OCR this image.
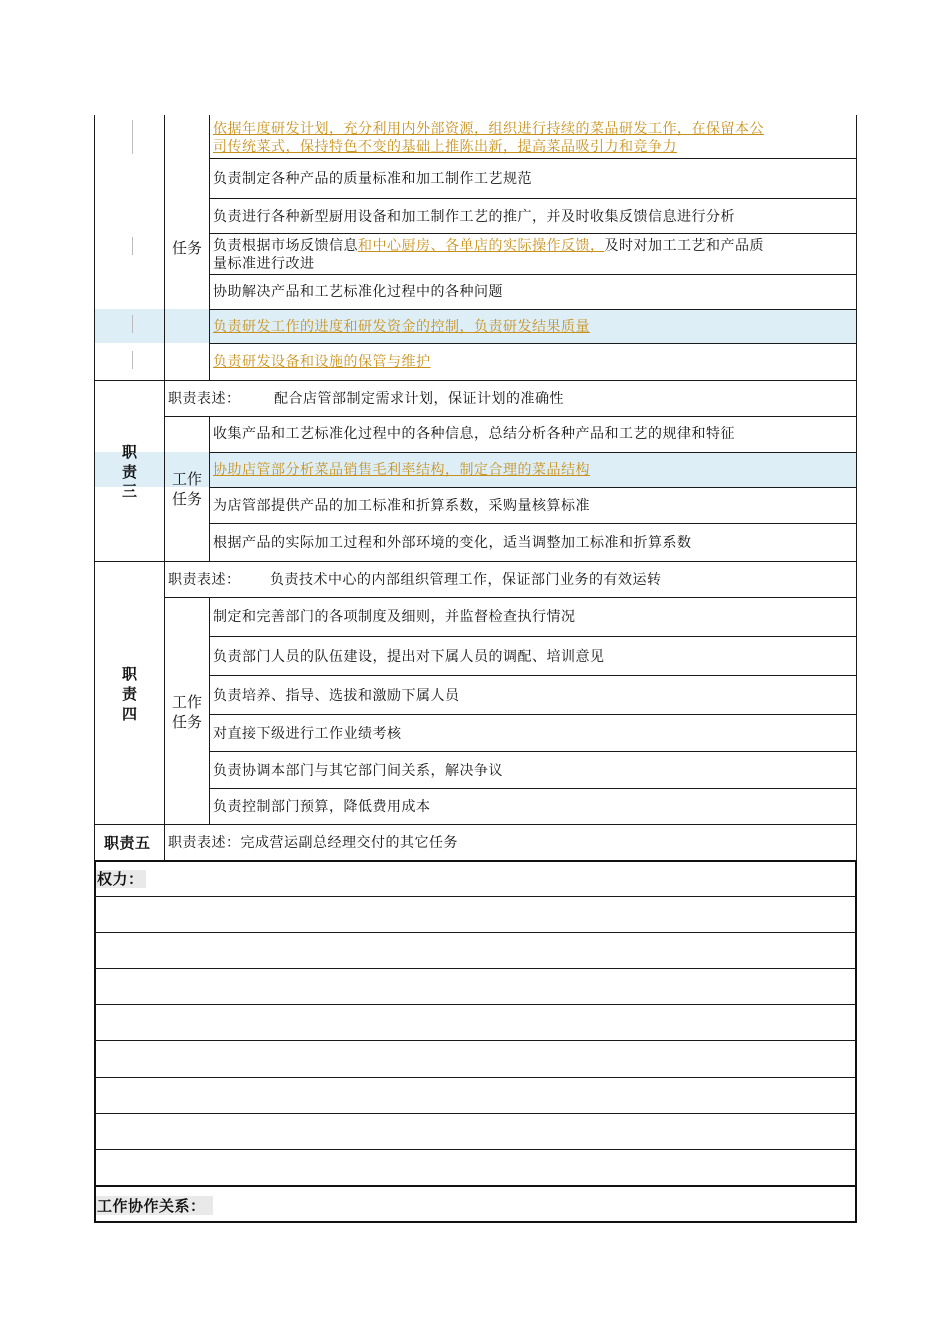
任务
依据年度研发计划，充分利用内外部资源，组织进行持续的菜品研发工作，在保留本公
司传统菜式，保持特色不变的基础上推陈出新，提高菜品吸引力和竞争力
负责制定各种产品的质量标准和加工制作工艺规范
负责进行各种新型厨用设备和加工制作工艺的推广，并及时收集反馈信息进行分析
负责根据市场反馈信息和中心厨房、各单店的实际操作反馈，及时对加工工艺和产品质
量标准进行改进
协助解决产品和工艺标准化过程中的各种问题
负责研发工作的进度和研发资金的控制，负责研发结果质量
负责研发设备和设施的保管与维护
职
责
三
职责表述： 配合店管部制定需求计划，保证计划的准确性
工作
任务
收集产品和工艺标准化过程中的各种信息，总结分析各种产品和工艺的规律和特征
协助店管部分析菜品销售毛利率结构，制定合理的菜品结构
为店管部提供产品的加工标准和折算系数，采购量核算标准
根据产品的实际加工过程和外部环境的变化，适当调整加工标准和折算系数
职
责
四
职责表述： 负责技术中心的内部组织管理工作，保证部门业务的有效运转
工作
任务
制定和完善部门的各项制度及细则，并监督检查执行情况
负责部门人员的队伍建设，提出对下属人员的调配、培训意见
负责培养、指导、选拔和激励下属人员
对直接下级进行工作业绩考核
负责协调本部门与其它部门间关系，解决争议
负责控制部门预算，降低费用成本
职责五 职责表述：完成营运副总经理交付的其它任务
权力：
工作协作关系：
